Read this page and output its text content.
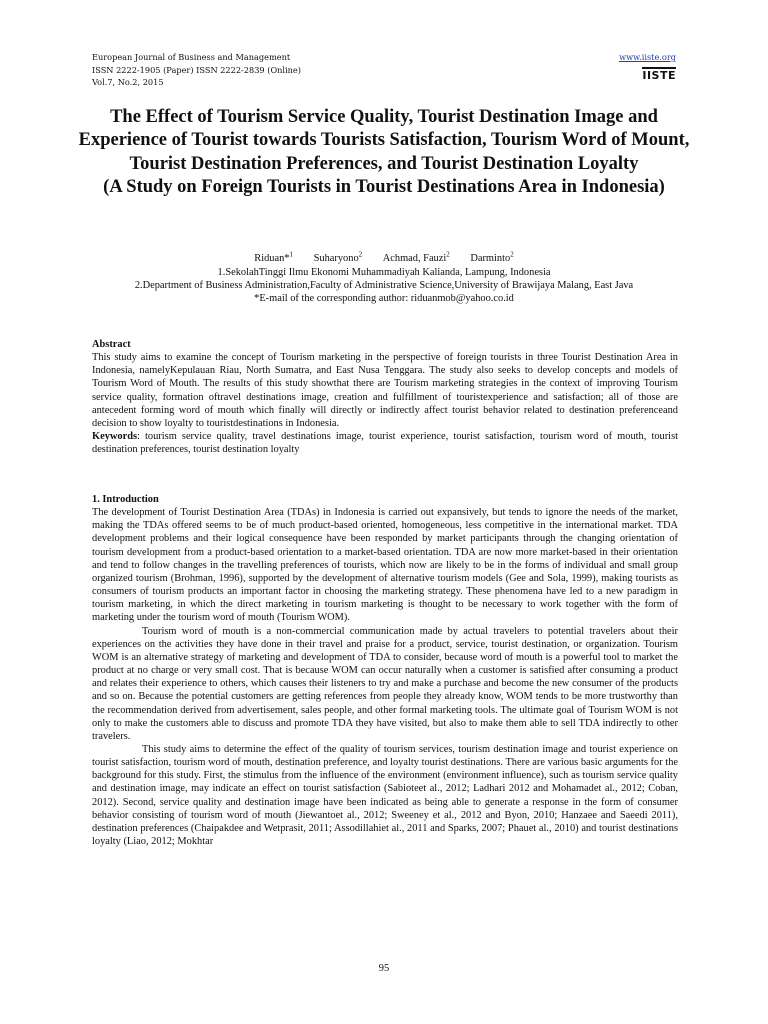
European Journal of Business and Management
ISSN 2222-1905 (Paper) ISSN 2222-2839 (Online)
Vol.7, No.2, 2015
www.iiste.org
IISTE
The Effect of Tourism Service Quality, Tourist Destination Image and Experience of Tourist towards Tourists Satisfaction, Tourism Word of Mount, Tourist Destination Preferences, and Tourist Destination Loyalty
(A Study on Foreign Tourists in Tourist Destinations Area in Indonesia)
Riduan*$^1$ Suharyono$^2$ Achmad, Fauzi$^2$ Darminto$^2$
1.SekolahTinggi Ilmu Ekonomi Muhammadiyah Kalianda, Lampung, Indonesia
2.Department of Business Administration,Faculty of Administrative Science,University of Brawijaya Malang, East Java
*E-mail of the corresponding author: riduanmob@yahoo.co.id

Abstract

This study aims to examine the concept of Tourism marketing in the perspective of foreign tourists in three Tourist Destination Area in Indonesia, namelyKepulauan Riau, North Sumatra, and East Nusa Tenggara. The study also seeks to develop concepts and models of Tourism Word of Mouth. The results of this study showthat there are Tourism marketing strategies in the context of improving Tourism service quality, formation oftravel destinations image, creation and fulfillment of touristexperience and satisfaction; all of those are antecedent forming word of mouth which finally will directly or indirectly affect tourist behavior related to destination preferenceand decision to show loyalty to touristdestinations in Indonesia.

Keywords: tourism service quality, travel destinations image, tourist experience, tourist satisfaction, tourism word of mouth, tourist destination preferences, tourist destination loyalty

1. Introduction

The development of Tourist Destination Area (TDAs) in Indonesia is carried out expansively, but tends to ignore the needs of the market, making the TDAs offered seems to be of much product-based oriented, homogeneous, less competitive in the international market. TDA development problems and their logical consequence have been responded by market participants through the changing orientation of tourism development from a product-based orientation to a market-based orientation. TDA are now more market-based in their orientation and tend to follow changes in the travelling preferences of tourists, which now are likely to be in the forms of individual and small group organized tourism (Brohman, 1996), supported by the development of alternative tourism models (Gee and Sola, 1999), making tourists as consumers of tourism products an important factor in choosing the marketing strategy. These phenomena have led to a new paradigm in tourism marketing, in which the direct marketing in tourism marketing is thought to be necessary to work together with the form of marketing under the tourism word of mouth (Tourism WOM).

Tourism word of mouth is a non-commercial communication made by actual travelers to potential travelers about their experiences on the activities they have done in their travel and praise for a product, service, tourist destination, or organization. Tourism WOM is an alternative strategy of marketing and development of TDA to consider, because word of mouth is a powerful tool to market the product at no charge or very small cost. That is because WOM can occur naturally when a customer is satisfied after consuming a product and relates their experience to others, which causes their listeners to try and make a purchase and become the new consumer of the products and so on. Because the potential customers are getting references from people they already know, WOM tends to be more trustworthy than the recommendation derived from advertisement, sales people, and other formal marketing tools. The ultimate goal of Tourism WOM is not only to make the customers able to discuss and promote TDA they have visited, but also to make them able to sell TDA indirectly to other travelers.

This study aims to determine the effect of the quality of tourism services, tourism destination image and tourist experience on tourist satisfaction, tourism word of mouth, destination preference, and loyalty tourist destinations. There are various basic arguments for the background for this study. First, the stimulus from the influence of the environment (environment influence), such as tourism service quality and destination image, may indicate an effect on tourist satisfaction (Sabioteet al., 2012; Ladhari 2012 and Mohamadet al., 2012; Coban, 2012). Second, service quality and destination image have been indicated as being able to generate a response in the form of consumer behavior consisting of tourism word of mouth (Jiewantoet al., 2012; Sweeney et al., 2012 and Byon, 2010; Hanzaee and Saeedi 2011), destination preferences (Chaipakdee and Wetprasit, 2011; Assodillahiet al., 2011 and Sparks, 2007; Phauet al., 2010) and tourist destinations loyalty (Liao, 2012; Mokhtar

95
